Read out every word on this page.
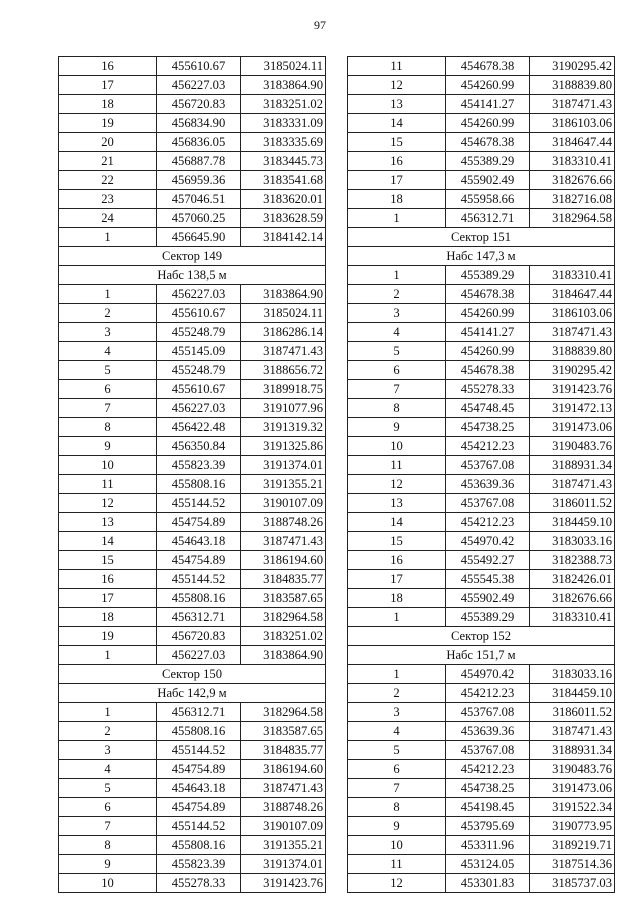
97
16	455610.67	3185024.11
17	456227.03	3183864.90
18	456720.83	3183251.02
19	456834.90	3183331.09
20	456836.05	3183335.69
21	456887.78	3183445.73
22	456959.36	3183541.68
23	457046.51	3183620.01
24	457060.25	3183628.59
1	456645.90	3184142.14
Сектор 149		
Набс 138,5 м		
1	456227.03	3183864.90
2	455610.67	3185024.11
3	455248.79	3186286.14
4	455145.09	3187471.43
5	455248.79	3188656.72
6	455610.67	3189918.75
7	456227.03	3191077.96
8	456422.48	3191319.32
9	456350.84	3191325.86
10	455823.39	3191374.01
11	455808.16	3191355.21
12	455144.52	3190107.09
13	454754.89	3188748.26
14	454643.18	3187471.43
15	454754.89	3186194.60
16	455144.52	3184835.77
17	455808.16	3183587.65
18	456312.71	3182964.58
19	456720.83	3183251.02
1	456227.03	3183864.90
Сектор 150		
Набс 142,9 м		
1	456312.71	3182964.58
2	455808.16	3183587.65
3	455144.52	3184835.77
4	454754.89	3186194.60
5	454643.18	3187471.43
6	454754.89	3188748.26
7	455144.52	3190107.09
8	455808.16	3191355.21
9	455823.39	3191374.01
10	455278.33	3191423.76
11	454678.38	3190295.42
12	454260.99	3188839.80
13	454141.27	3187471.43
14	454260.99	3186103.06
15	454678.38	3184647.44
16	455389.29	3183310.41
17	455902.49	3182676.66
18	455958.66	3182716.08
1	456312.71	3182964.58
Сектор 151		
Набс 147,3 м		
1	455389.29	3183310.41
2	454678.38	3184647.44
3	454260.99	3186103.06
4	454141.27	3187471.43
5	454260.99	3188839.80
6	454678.38	3190295.42
7	455278.33	3191423.76
8	454748.45	3191472.13
9	454738.25	3191473.06
10	454212.23	3190483.76
11	453767.08	3188931.34
12	453639.36	3187471.43
13	453767.08	3186011.52
14	454212.23	3184459.10
15	454970.42	3183033.16
16	455492.27	3182388.73
17	455545.38	3182426.01
18	455902.49	3182676.66
1	455389.29	3183310.41
Сектор 152		
Набс 151,7 м		
1	454970.42	3183033.16
2	454212.23	3184459.10
3	453767.08	3186011.52
4	453639.36	3187471.43
5	453767.08	3188931.34
6	454212.23	3190483.76
7	454738.25	3191473.06
8	454198.45	3191522.34
9	453795.69	3190773.95
10	453311.96	3189219.71
11	453124.05	3187514.36
12	453301.83	3185737.03
